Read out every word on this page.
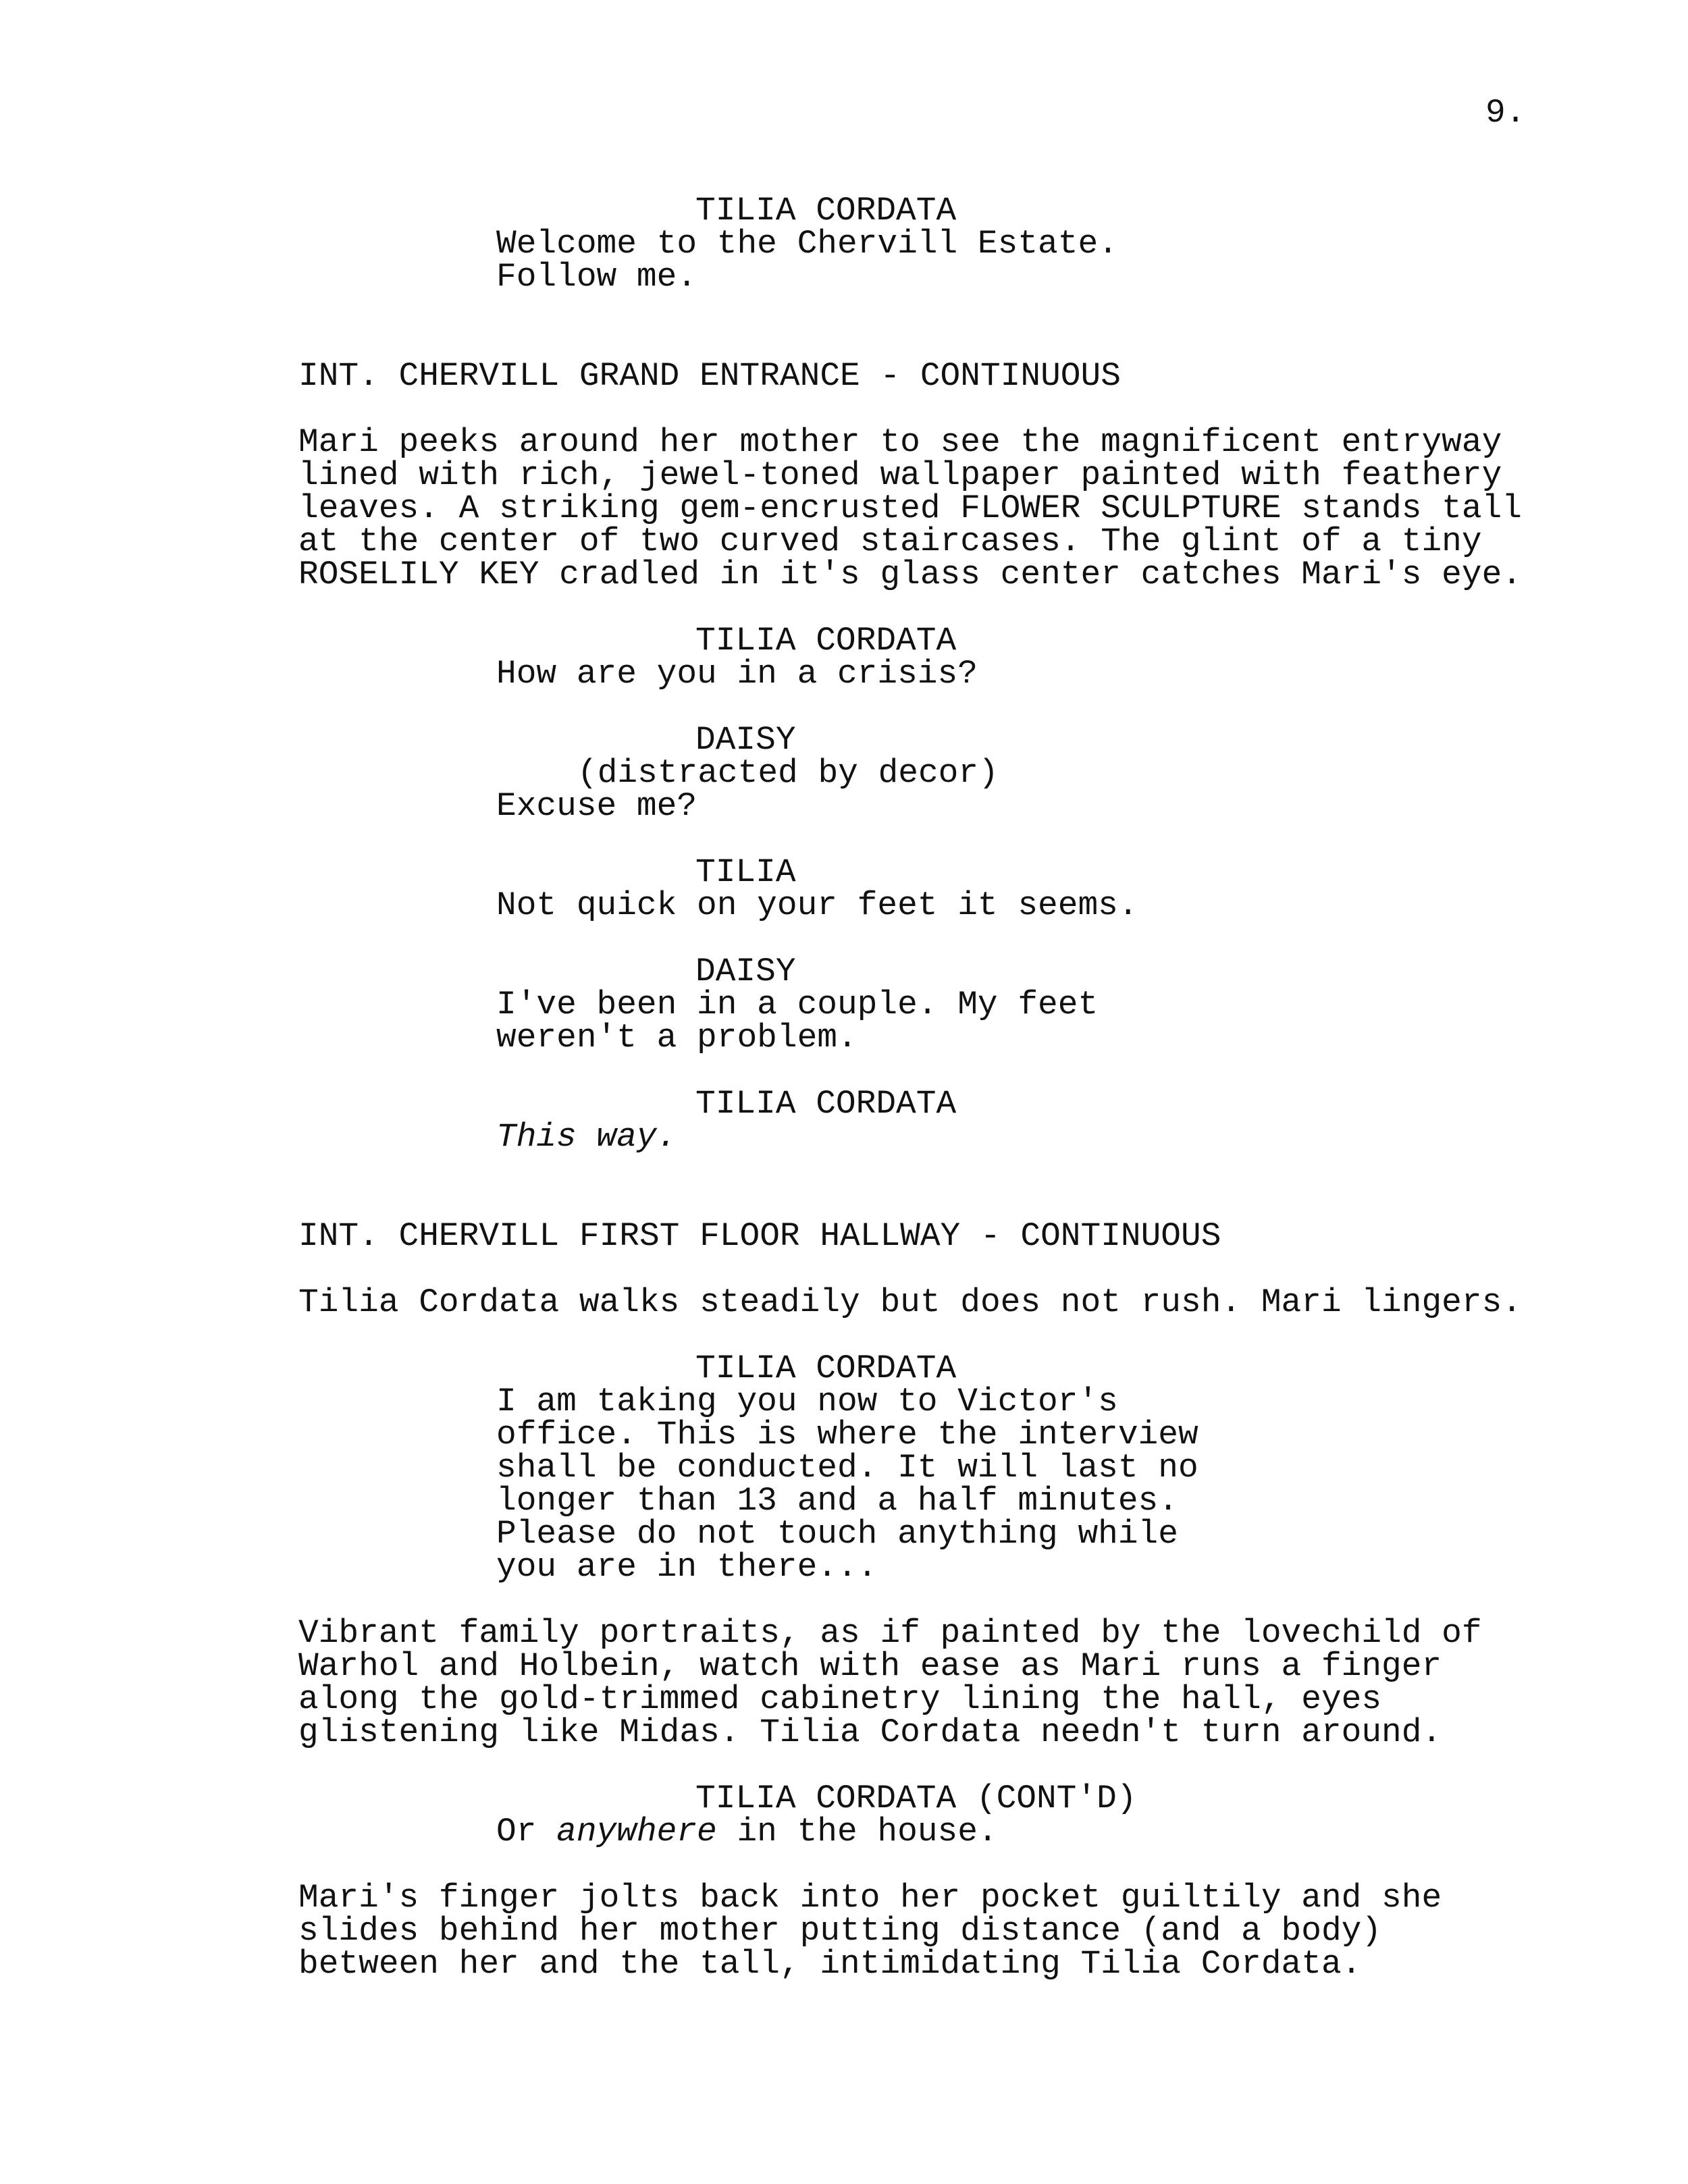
9.
TILIA CORDATA
Welcome to the Chervill Estate.
Follow me.
INT. CHERVILL GRAND ENTRANCE - CONTINUOUS
Mari peeks around her mother to see the magnificent entryway
lined with rich, jewel-toned wallpaper painted with feathery
leaves. A striking gem-encrusted FLOWER SCULPTURE stands tall
at the center of two curved staircases. The glint of a tiny
ROSELILY KEY cradled in it's glass center catches Mari's eye.
TILIA CORDATA
How are you in a crisis?
DAISY
(distracted by decor)
Excuse me?
TILIA
Not quick on your feet it seems.
DAISY
I've been in a couple. My feet
weren't a problem.
TILIA CORDATA
This way.
INT. CHERVILL FIRST FLOOR HALLWAY - CONTINUOUS
Tilia Cordata walks steadily but does not rush. Mari lingers.
TILIA CORDATA
I am taking you now to Victor's
office. This is where the interview
shall be conducted. It will last no
longer than 13 and a half minutes.
Please do not touch anything while
you are in there...
Vibrant family portraits, as if painted by the lovechild of
Warhol and Holbein, watch with ease as Mari runs a finger
along the gold-trimmed cabinetry lining the hall, eyes
glistening like Midas. Tilia Cordata needn't turn around.
TILIA CORDATA (CONT'D)
Or anywhere in the house.
Mari's finger jolts back into her pocket guiltily and she
slides behind her mother putting distance (and a body)
between her and the tall, intimidating Tilia Cordata.
